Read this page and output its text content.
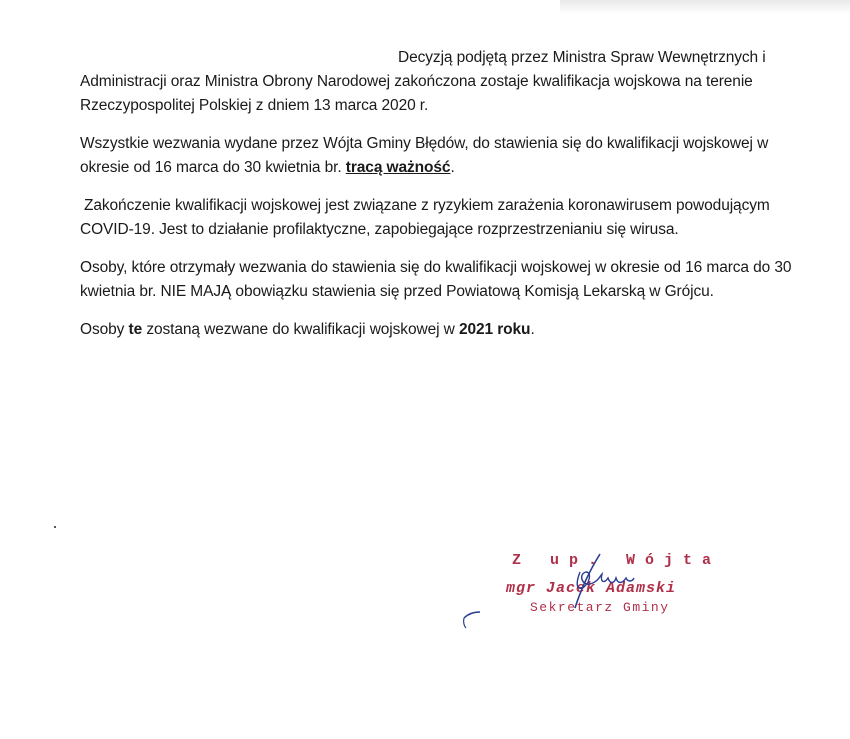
Decyzją podjętą przez Ministra Spraw Wewnętrznych i Administracji oraz Ministra Obrony Narodowej zakończona zostaje kwalifikacja wojskowa na terenie Rzeczypospolitej Polskiej z dniem 13 marca 2020 r.

Wszystkie wezwania wydane przez Wójta Gminy Błędów, do stawienia się do kwalifikacji wojskowej w okresie od 16 marca do 30 kwietnia br. tracą ważność.

Zakończenie kwalifikacji wojskowej jest związane z ryzykiem zarażenia koronawirusem powodującym COVID-19. Jest to działanie profilaktyczne, zapobiegające rozprzestrzenianiu się wirusa.

Osoby, które otrzymały wezwania do stawienia się do kwalifikacji wojskowej w okresie od 16 marca do 30 kwietnia br. NIE MAJĄ obowiązku stawienia się przed Powiatową Komisją Lekarską w Grójcu.

Osoby te zostaną wezwane do kwalifikacji wojskowej w 2021 roku.

Z up. Wójta
mgr Jacek Adamski
Sekretarz Gminy
